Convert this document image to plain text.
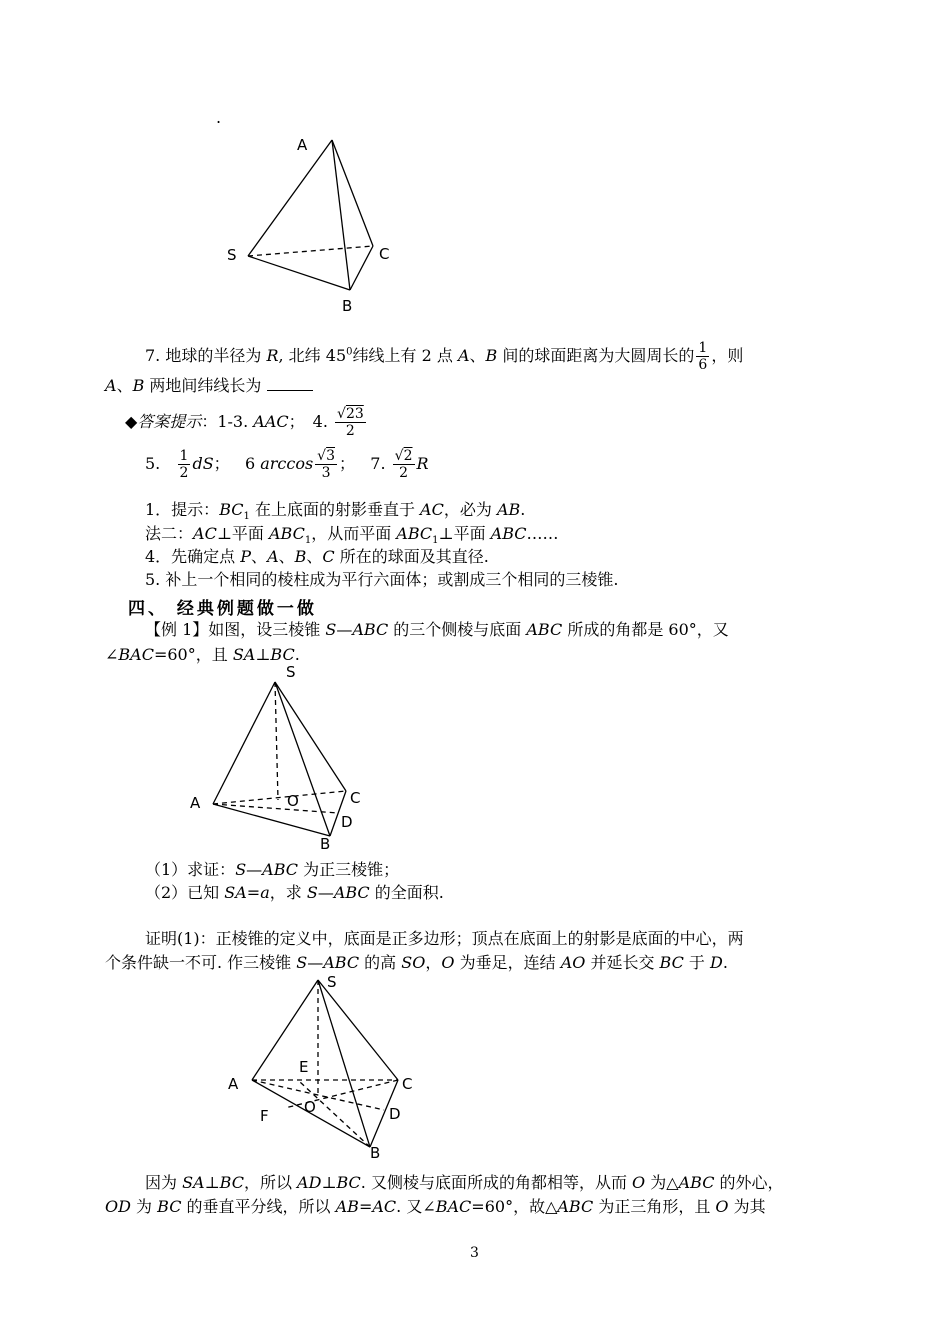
.
A
S	C
B
7. 地球的半径为 R, 北纬 $45^0$纬线上有 2 点 A、B 间的球面距离为大圆周长的 $\frac{1}{6}$ ，则
A、B 两地间纬线长为
◆答案提示：1-3. AAC；　4. $\frac{√23}{2}$
5. $\frac{1}{2}$ dS； 6 $\arccos \frac{√3}{3}$ ； 7. $\frac{√2}{2}$ R
1．提示：$BC_1$ 在上底面的射影垂直于 AC，必为 AB.
法二：AC⊥平面 $ABC_1$，从而平面 $ABC_1\perp$平面 ABC……
4．先确定点 P、A、B、C 所在的球面及其直径.
5. 补上一个相同的棱柱成为平行六面体；或割成三个相同的三棱锥.
四、 经典例题做一做
【例 1】如图，设三棱锥 S—ABC 的三个侧棱与底面 ABC 所成的角都是 60°，又
∠BAC=60°，且 SA⊥BC.
S
A	O	C
D
B
（1）求证：S—ABC 为正三棱锥；
（2）已知 SA=a，求 S—ABC 的全面积.
证明(1)：正棱锥的定义中，底面是正多边形；顶点在底面上的射影是底面的中心，两
个条件缺一不可. 作三棱锥 S—ABC 的高 SO，O 为垂足，连结 AO 并延长交 BC 于 D.
S
E
A	C
F O	D
B
因为 SA⊥BC，所以 AD⊥BC. 又侧棱与底面所成的角都相等，从而 O 为△ABC 的外心，
OD 为 BC 的垂直平分线，所以 AB=AC. 又∠BAC=60°，故△ABC 为正三角形，且 O 为其
3
